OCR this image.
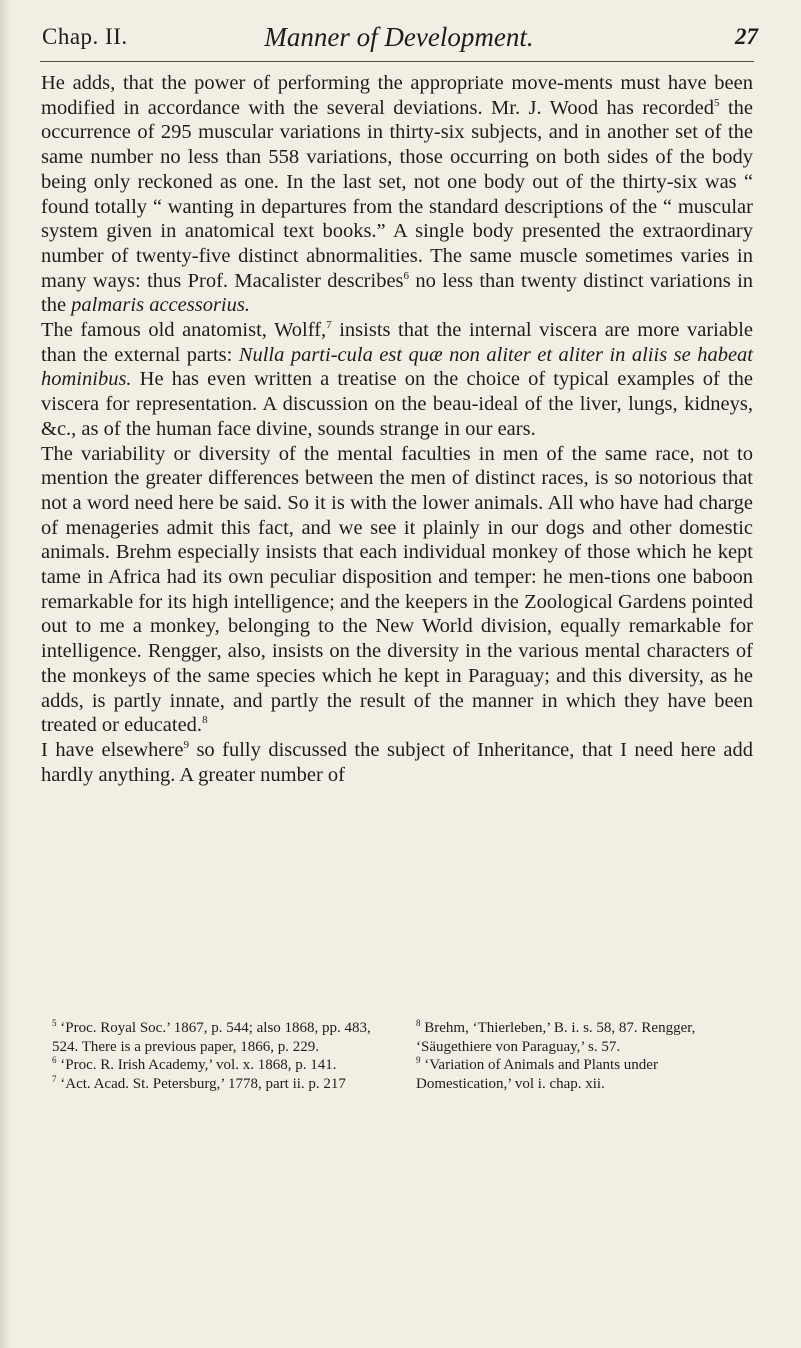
Chap. II.	Manner of Development.	27

He adds, that the power of performing the appropriate move-ments must have been modified in accordance with the several deviations. Mr. J. Wood has recorded$^5$ the occurrence of 295 muscular variations in thirty-six subjects, and in another set of the same number no less than 558 variations, those occurring on both sides of the body being only reckoned as one. In the last set, not one body out of the thirty-six was “ found totally “ wanting in departures from the standard descriptions of the “ muscular system given in anatomical text books.” A single body presented the extraordinary number of twenty-five distinct abnormalities. The same muscle sometimes varies in many ways: thus Prof. Macalister describes$^6$ no less than twenty distinct variations in the palmaris accessorius.

The famous old anatomist, Wolff,$^7$ insists that the internal viscera are more variable than the external parts: Nulla parti-cula est quæ non aliter et aliter in aliis se habeat hominibus. He has even written a treatise on the choice of typical examples of the viscera for representation. A discussion on the beau-ideal of the liver, lungs, kidneys, &c., as of the human face divine, sounds strange in our ears.

The variability or diversity of the mental faculties in men of the same race, not to mention the greater differences between the men of distinct races, is so notorious that not a word need here be said. So it is with the lower animals. All who have had charge of menageries admit this fact, and we see it plainly in our dogs and other domestic animals. Brehm especially insists that each individual monkey of those which he kept tame in Africa had its own peculiar disposition and temper: he men-tions one baboon remarkable for its high intelligence; and the keepers in the Zoological Gardens pointed out to me a monkey, belonging to the New World division, equally remarkable for intelligence. Rengger, also, insists on the diversity in the various mental characters of the monkeys of the same species which he kept in Paraguay; and this diversity, as he adds, is partly innate, and partly the result of the manner in which they have been treated or educated.$^8$

I have elsewhere$^9$ so fully discussed the subject of Inheritance, that I need here add hardly anything. A greater number of

$^5$ ‘Proc. Royal Soc.’ 1867, p. 544; also 1868, pp. 483, 524. There is a previous paper, 1866, p. 229.

$^6$ ‘Proc. R. Irish Academy,’ vol. x. 1868, p. 141.

$^7$ ‘Act. Acad. St. Petersburg,’ 1778, part ii. p. 217

$^8$ Brehm, ‘Thierleben,’ B. i. s. 58, 87. Rengger, ‘Säugethiere von Paraguay,’ s. 57.

$^9$ ‘Variation of Animals and Plants under Domestication,’ vol i. chap. xii.
